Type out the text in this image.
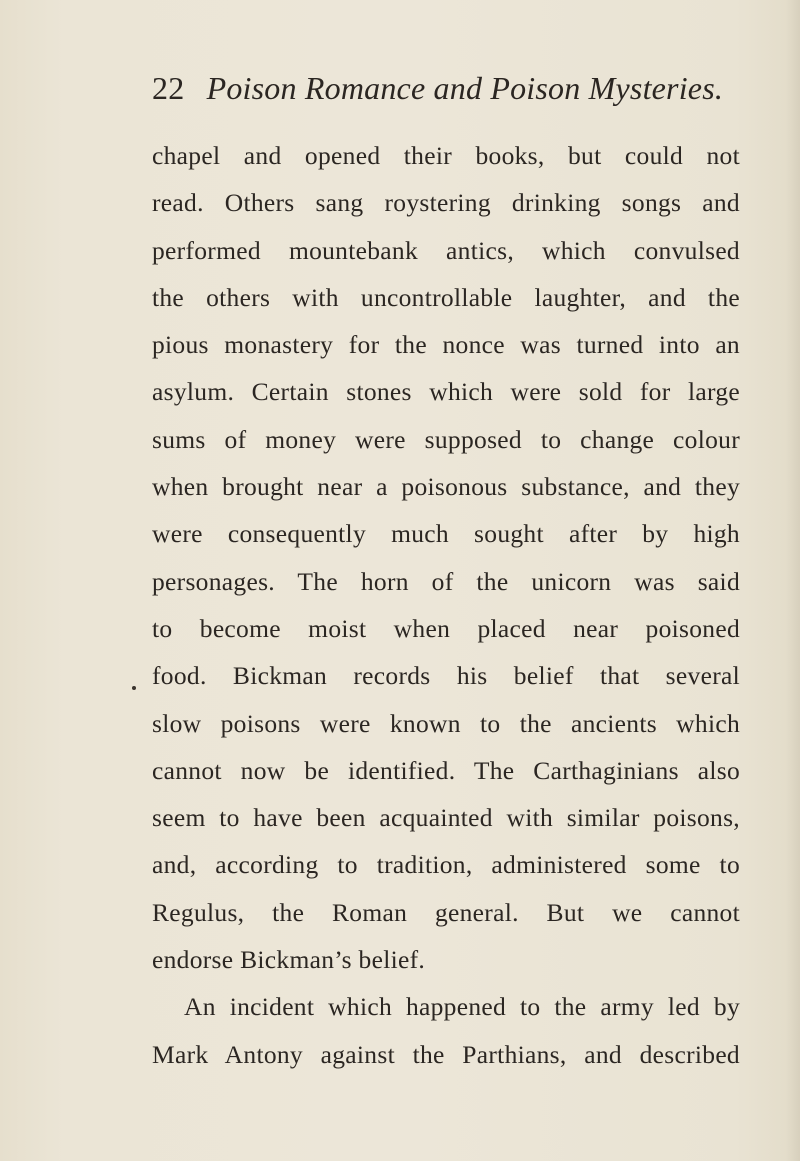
22 Poison Romance and Poison Mysteries.
chapel and opened their books, but could not
read. Others sang roystering drinking songs and
performed mountebank antics, which convulsed
the others with uncontrollable laughter, and the
pious monastery for the nonce was turned into an
asylum. Certain stones which were sold for large
sums of money were supposed to change colour
when brought near a poisonous substance, and they
were consequently much sought after by high
personages. The horn of the unicorn was said
to become moist when placed near poisoned
food. Bickman records his belief that several
slow poisons were known to the ancients which
cannot now be identified. The Carthaginians also
seem to have been acquainted with similar poisons,
and, according to tradition, administered some to
Regulus, the Roman general. But we cannot
endorse Bickman’s belief.
An incident which happened to the army led by
Mark Antony against the Parthians, and described
